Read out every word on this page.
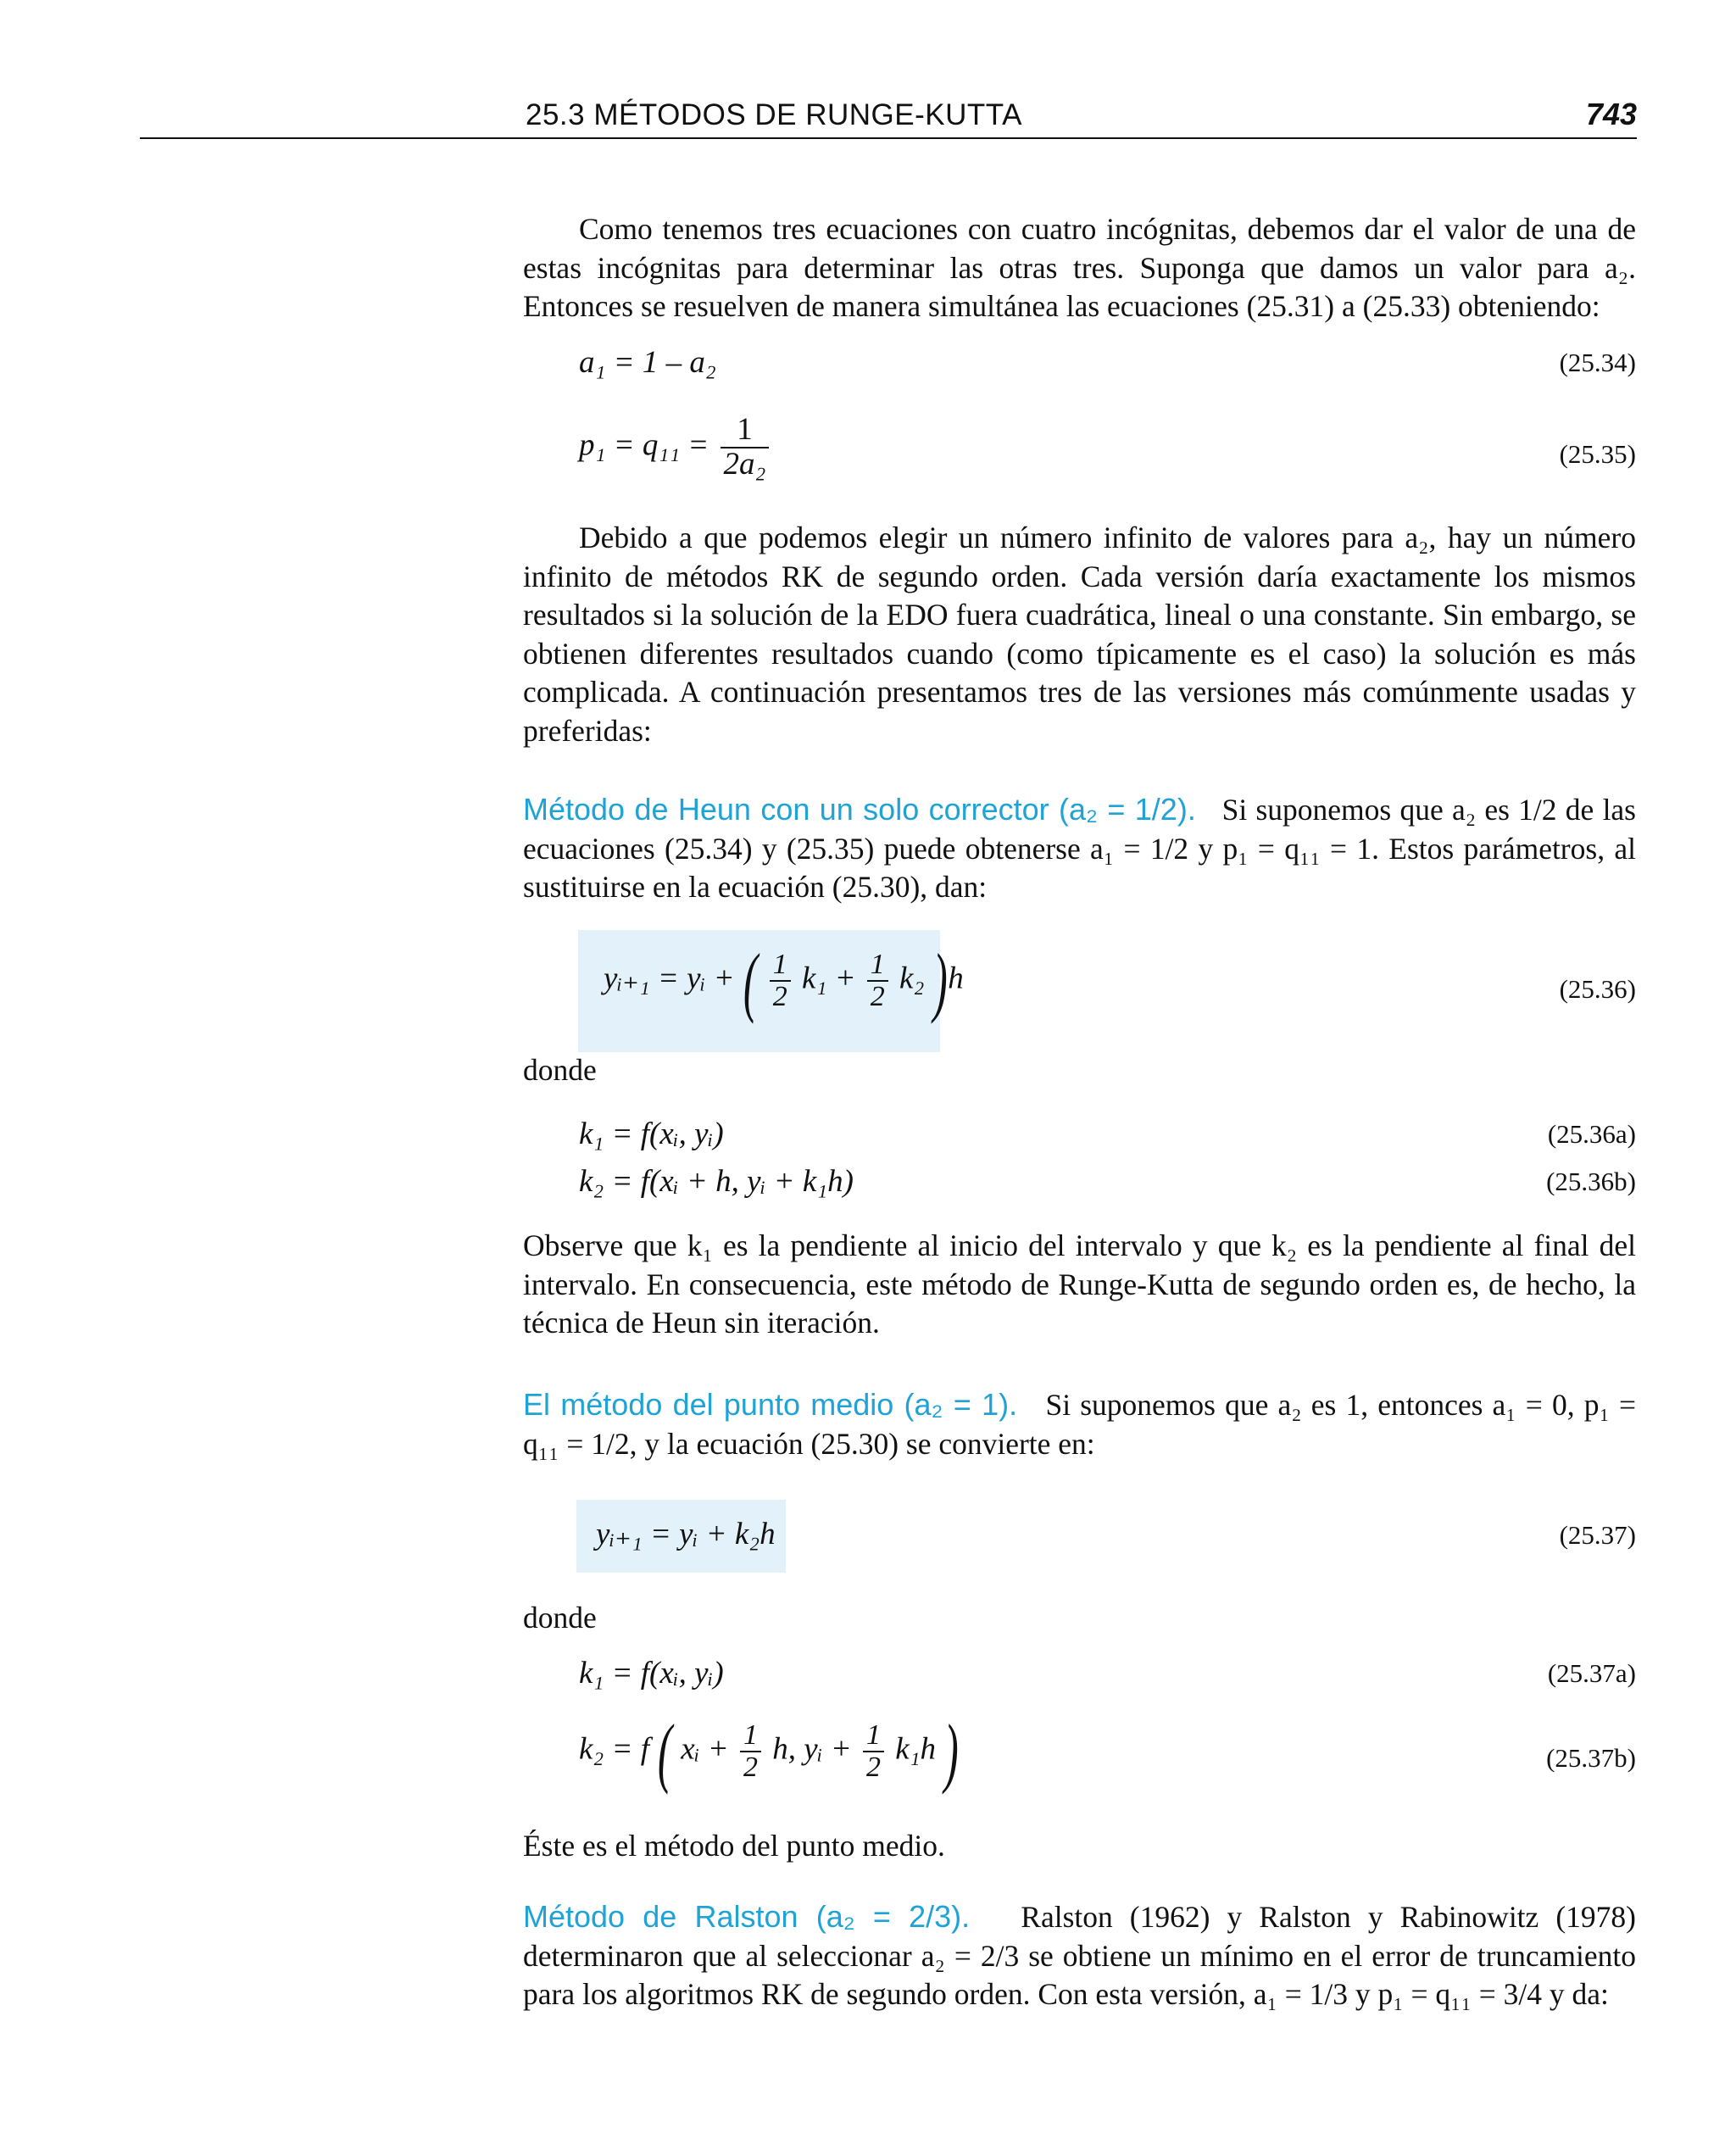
25.3 MÉTODOS DE RUNGE-KUTTA	743

Como tenemos tres ecuaciones con cuatro incógnitas, debemos dar el valor de una de estas incógnitas para determinar las otras tres. Suponga que damos un valor para a₂. Entonces se resuelven de manera simultánea las ecuaciones (25.31) a (25.33) obteniendo:

a₁ = 1 – a₂	(25.34)
$p_1 = q_{11} = \frac{1}{\text{2a₂}}$	(25.35)

Debido a que podemos elegir un número infinito de valores para a₂, hay un número infinito de métodos RK de segundo orden. Cada versión daría exactamente los mismos resultados si la solución de la EDO fuera cuadrática, lineal o una constante. Sin embargo, se obtienen diferentes resultados cuando (como típicamente es el caso) la solución es más complicada. A continuación presentamos tres de las versiones más comúnmente usadas y preferidas:

Método de Heun con un solo corrector (a₂ = 1/2). Si suponemos que a₂ es 1/2 de las ecuaciones (25.34) y (25.35) puede obtenerse a₁ = 1/2 y p₁ = q₁₁ = 1. Estos parámetros, al sustituirse en la ecuación (25.30), dan:

yᵢ₊₁ = yᵢ + ( $\frac{1}{2} k_1 + \frac{1}{2} k_2$ )h	(25.36)

donde

k₁ = f(xᵢ, yᵢ)	(25.36a)
k₂ = f(xᵢ + h, yᵢ + k₁h)	(25.36b)

Observe que k₁ es la pendiente al inicio del intervalo y que k₂ es la pendiente al final del intervalo. En consecuencia, este método de Runge-Kutta de segundo orden es, de hecho, la técnica de Heun sin iteración.

El método del punto medio (a₂ = 1). Si suponemos que a₂ es 1, entonces a₁ = 0, p₁ = q₁₁ = 1/2, y la ecuación (25.30) se convierte en:

yᵢ₊₁ = yᵢ + k₂h	(25.37)

donde

k₁ = f(xᵢ, yᵢ)	(25.37a)
k₂ = f ( xᵢ + $\frac{1}{2} h$, yᵢ + $\frac{1}{2} k_1h$ )	(25.37b)

Éste es el método del punto medio.

Método de Ralston (a₂ = 2/3). Ralston (1962) y Ralston y Rabinowitz (1978) determinaron que al seleccionar a₂ = 2/3 se obtiene un mínimo en el error de truncamiento para los algoritmos RK de segundo orden. Con esta versión, a₁ = 1/3 y p₁ = q₁₁ = 3/4 y da:
